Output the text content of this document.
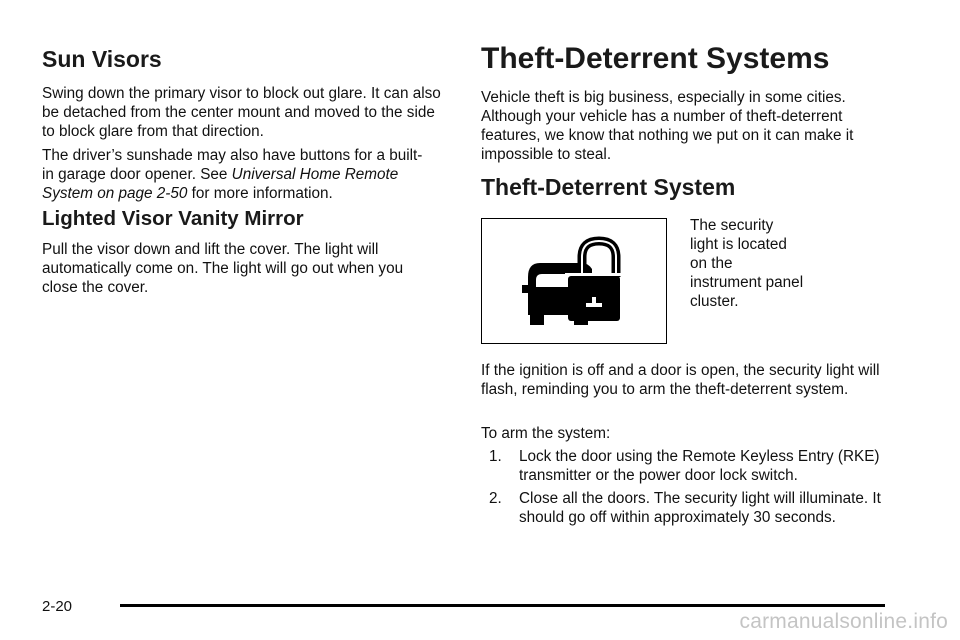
Sun Visors

Swing down the primary visor to block out glare. It can also be detached from the center mount and moved to the side to block glare from that direction.

The driver’s sunshade may also have buttons for a built-in garage door opener. See Universal Home Remote System on page 2-50 for more information.

Lighted Visor Vanity Mirror

Pull the visor down and lift the cover. The light will automatically come on. The light will go out when you close the cover.

Theft-Deterrent Systems

Vehicle theft is big business, especially in some cities. Although your vehicle has a number of theft-deterrent features, we know that nothing we put on it can make it impossible to steal.

Theft-Deterrent System

The security light is located on the instrument panel cluster.

If the ignition is off and a door is open, the security light will flash, reminding you to arm the theft-deterrent system.

To arm the system:

1. Lock the door using the Remote Keyless Entry (RKE) transmitter or the power door lock switch.
2. Close all the doors. The security light will illuminate. It should go off within approximately 30 seconds.
2-20
carmanualsonline.info
